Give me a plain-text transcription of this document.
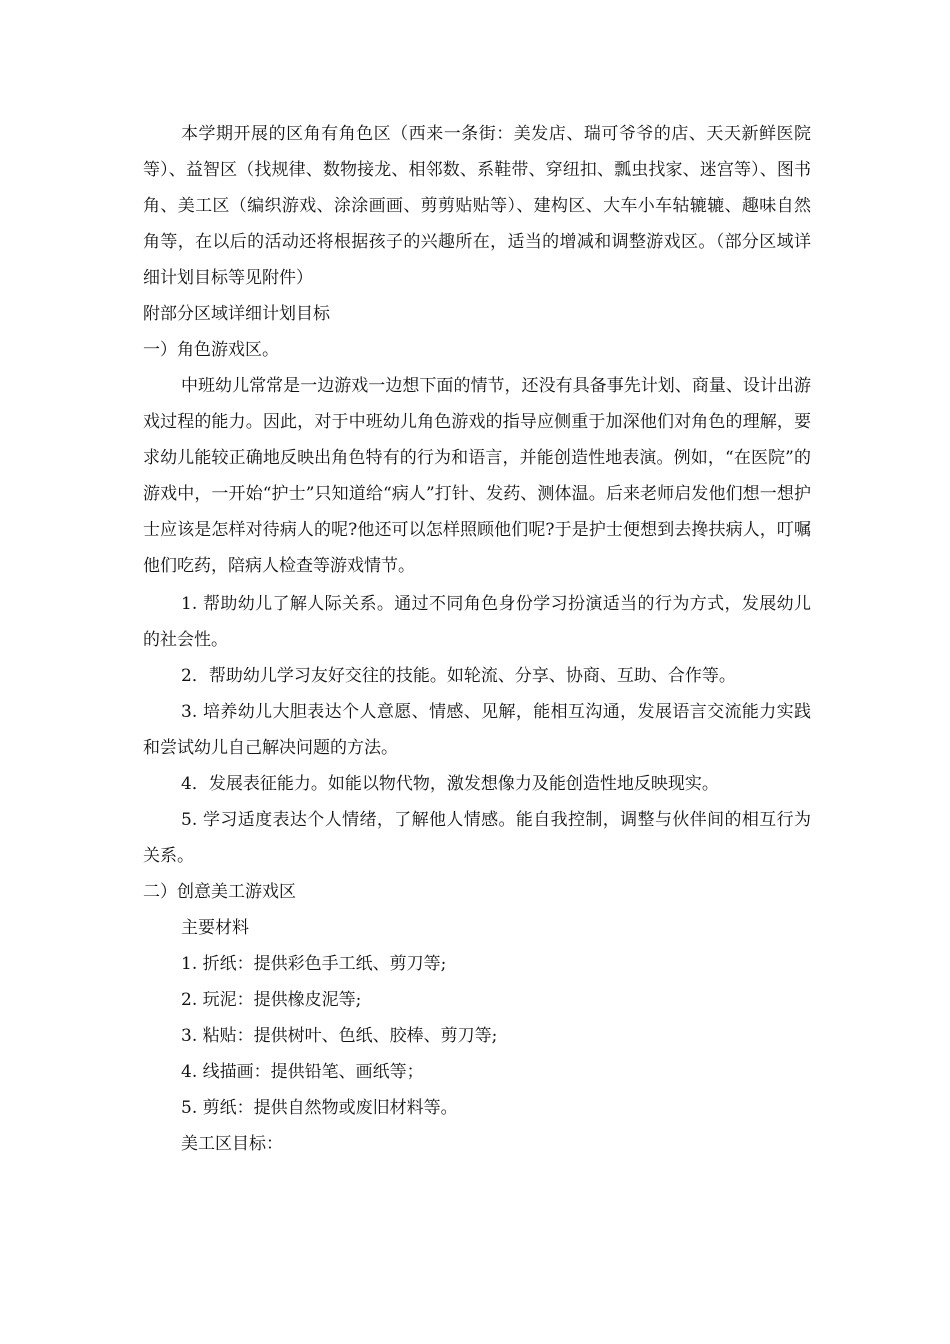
本学期开展的区角有角色区（西来一条街：美发店、瑞可爷爷的店、天天新鲜医院等）、益智区（找规律、数物接龙、相邻数、系鞋带、穿纽扣、瓢虫找家、迷宫等）、图书角、美工区（编织游戏、涂涂画画、剪剪贴贴等）、建构区、大车小车轱辘辘、趣味自然角等，在以后的活动还将根据孩子的兴趣所在，适当的增减和调整游戏区。（部分区域详细计划目标等见附件）

附部分区域详细计划目标

一）角色游戏区。

中班幼儿常常是一边游戏一边想下面的情节，还没有具备事先计划、商量、设计出游戏过程的能力。因此，对于中班幼儿角色游戏的指导应侧重于加深他们对角色的理解，要求幼儿能较正确地反映出角色特有的行为和语言，并能创造性地表演。例如，“在医院”的游戏中，一开始“护士”只知道给“病人”打针、发药、测体温。后来老师启发他们想一想护士应该是怎样对待病人的呢?他还可以怎样照顾他们呢?于是护士便想到去搀扶病人，叮嘱他们吃药，陪病人检查等游戏情节。

1. 帮助幼儿了解人际关系。通过不同角色身份学习扮演适当的行为方式，发展幼儿的社会性。

2．帮助幼儿学习友好交往的技能。如轮流、分享、协商、互助、合作等。

3. 培养幼儿大胆表达个人意愿、情感、见解，能相互沟通，发展语言交流能力实践和尝试幼儿自己解决问题的方法。

4．发展表征能力。如能以物代物，激发想像力及能创造性地反映现实。

5. 学习适度表达个人情绪，了解他人情感。能自我控制，调整与伙伴间的相互行为关系。

二）创意美工游戏区

主要材料

1. 折纸：提供彩色手工纸、剪刀等;

2. 玩泥：提供橡皮泥等;

3. 粘贴：提供树叶、色纸、胶棒、剪刀等;

4. 线描画：提供铅笔、画纸等；

5. 剪纸：提供自然物或废旧材料等。

美工区目标：
